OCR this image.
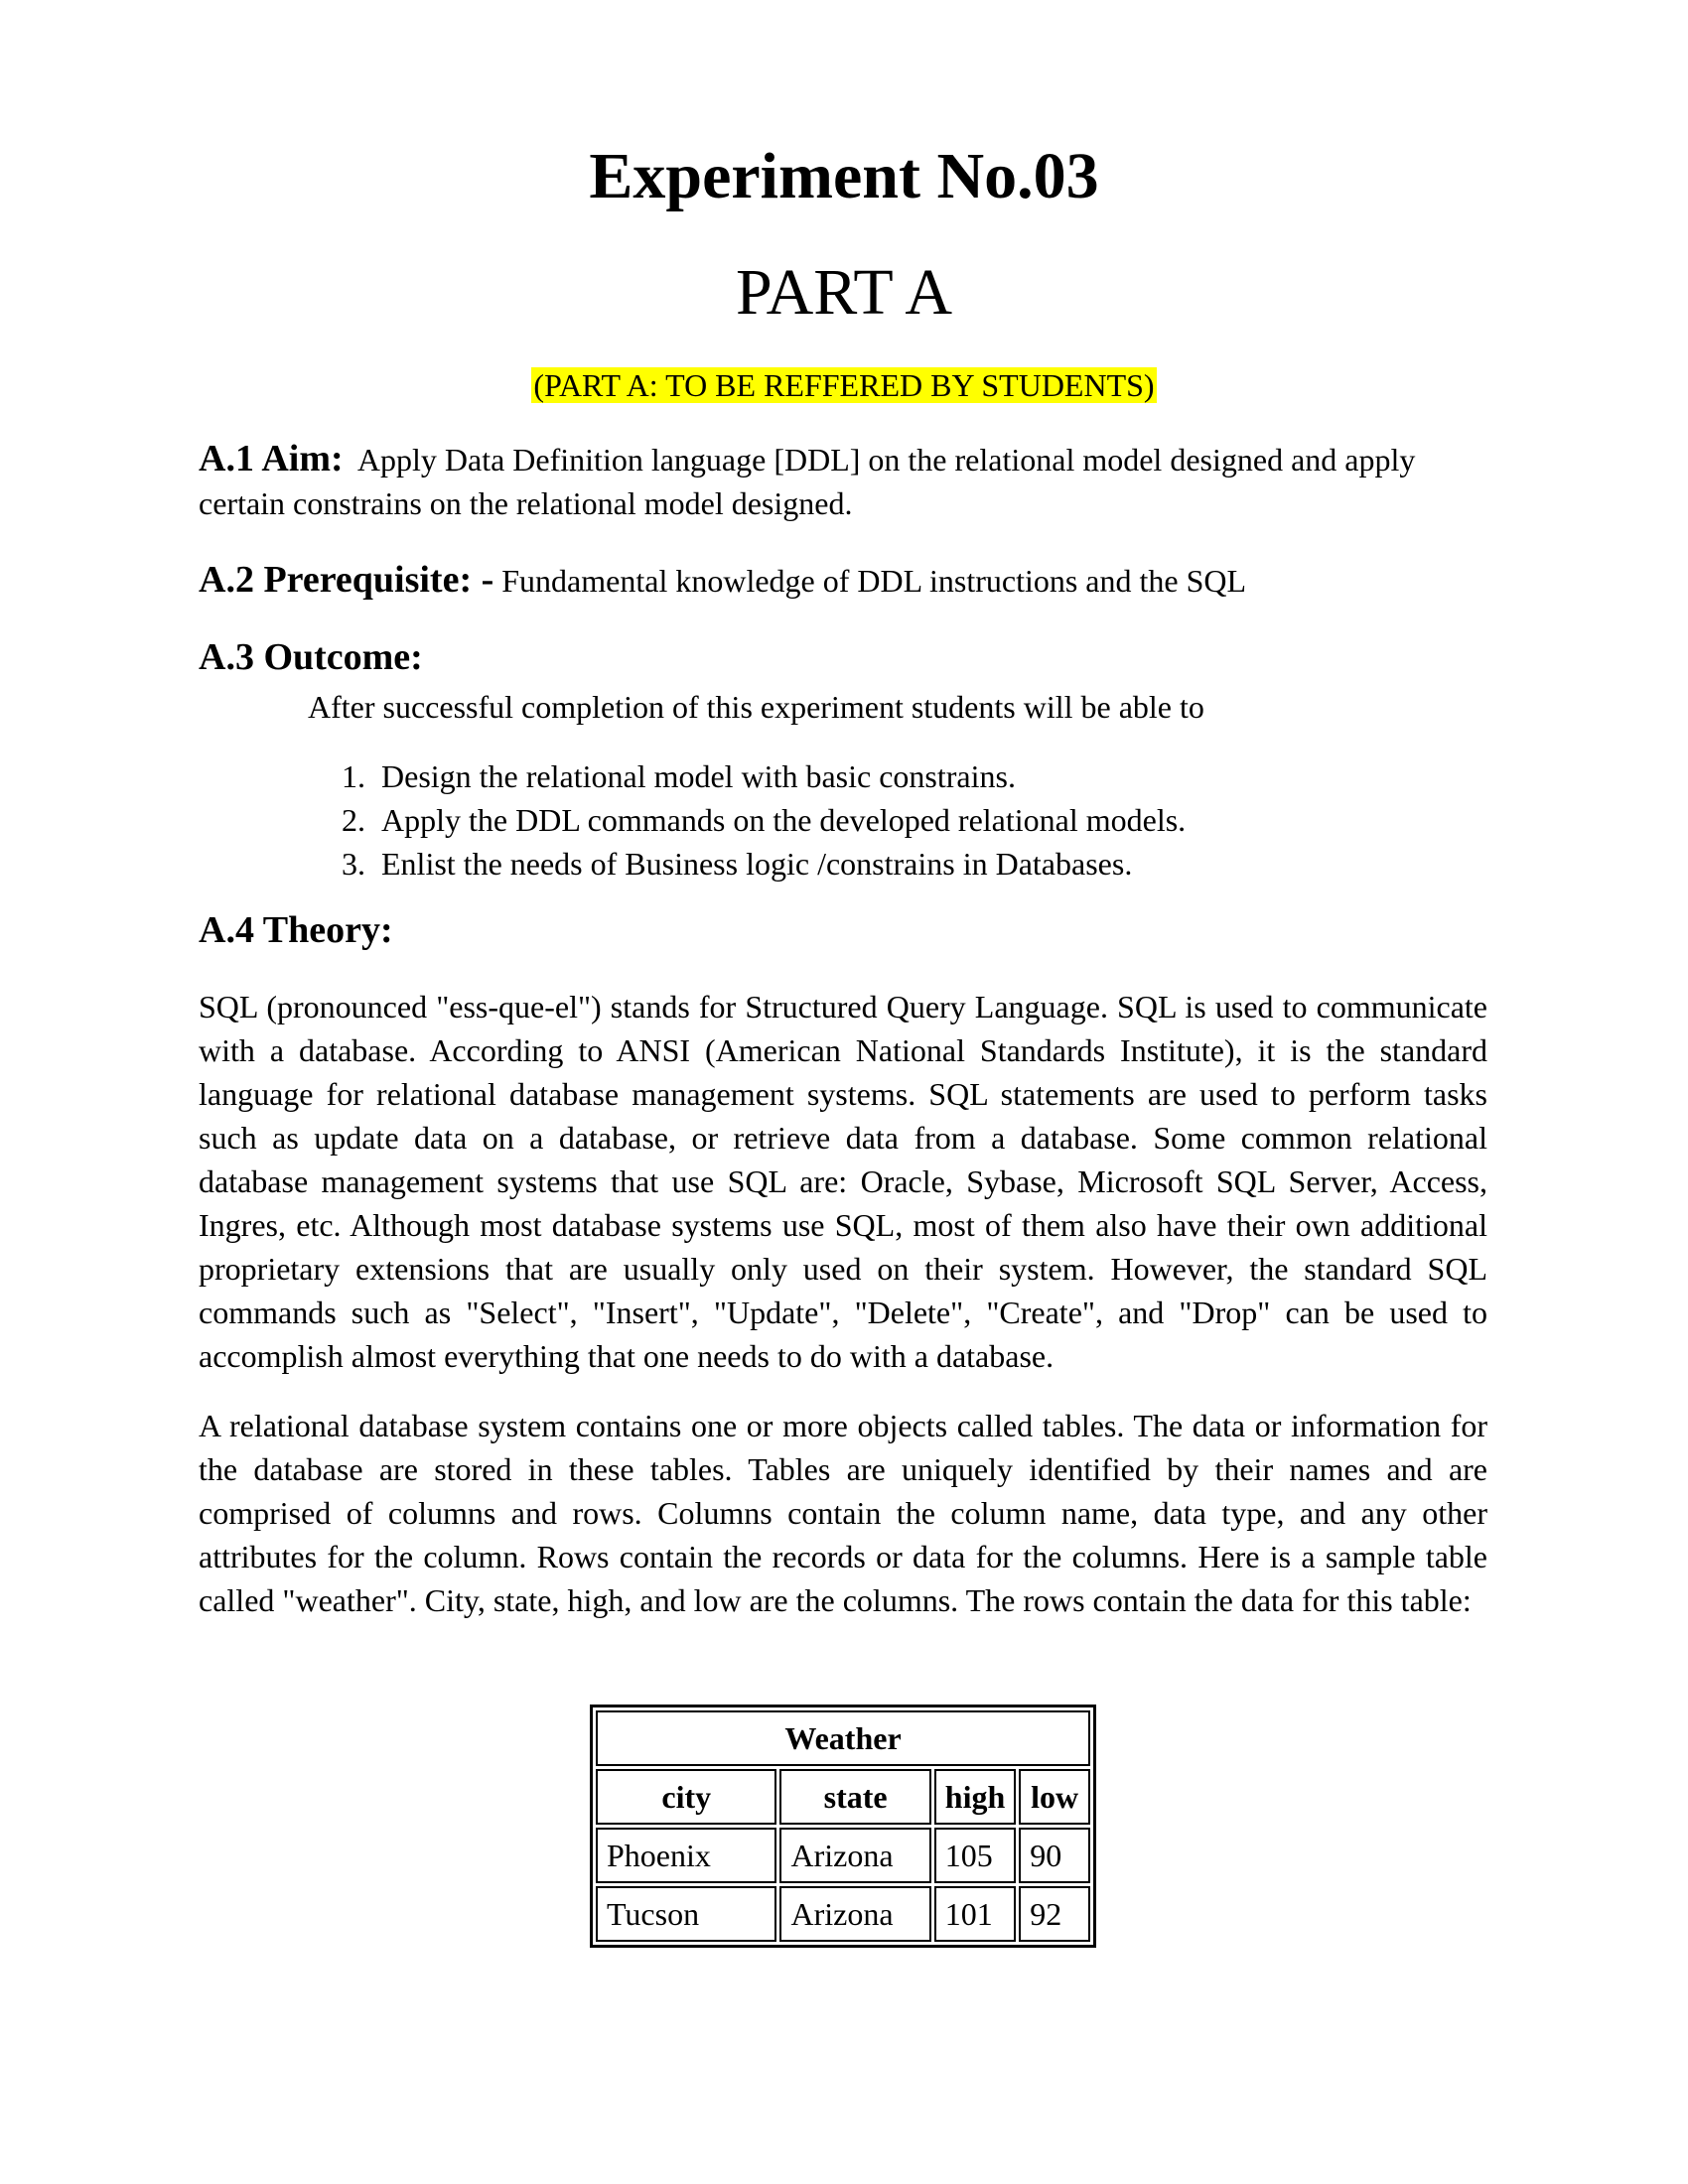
Experiment No.03
PART A
(PART A: TO BE REFFERED BY STUDENTS)
A.1 Aim: Apply Data Definition language [DDL] on the relational model designed and apply certain constrains on the relational model designed.
A.2 Prerequisite: - Fundamental knowledge of DDL instructions and the SQL
A.3 Outcome:
After successful completion of this experiment students will be able to
1 . Design the relational model with basic constrains.
2 . Apply the DDL commands on the developed relational models.
3 . Enlist the needs of Business logic /constrains in Databases.
A.4 Theory:
SQL (pronounced "ess-que-el") stands for Structured Query Language. SQL is used to communicate with a database. According to ANSI (American National Standards Institute), it is the standard language for relational database management systems. SQL statements are used to perform tasks such as update data on a database, or retrieve data from a database. Some common relational database management systems that use SQL are: Oracle, Sybase, Microsoft SQL Server, Access, Ingres, etc. Although most database systems use SQL, most of them also have their own additional proprietary extensions that are usually only used on their system. However, the standard SQL commands such as "Select", "Insert", "Update", "Delete", "Create", and "Drop" can be used to accomplish almost everything that one needs to do with a database.
A relational database system contains one or more objects called tables. The data or information for the database are stored in these tables. Tables are uniquely identified by their names and are comprised of columns and rows. Columns contain the column name, data type, and any other attributes for the column. Rows contain the records or data for the columns. Here is a sample table called "weather". City, state, high, and low are the columns. The rows contain the data for this table:
Weather			
city	state	high	low
Phoenix	Arizona	105	90
Tucson	Arizona	101	92
